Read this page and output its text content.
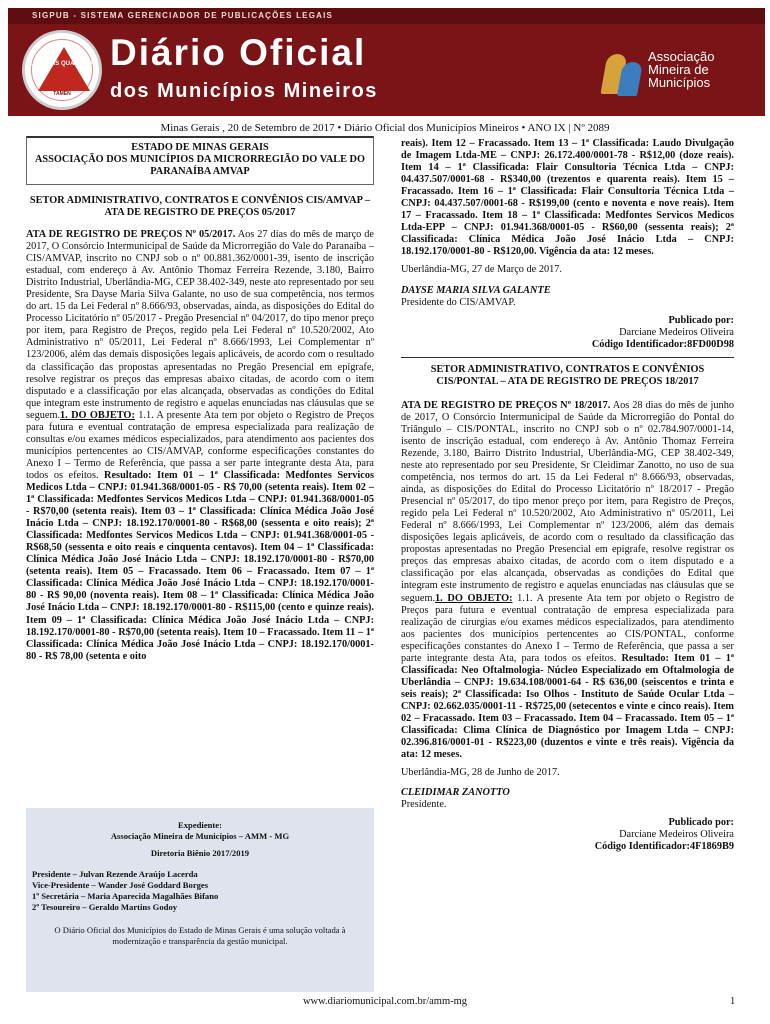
SIGPUB - SISTEMA GERENCIADOR DE PUBLICAÇÕES LEGAIS
LIBERTAS QUÆ SERA
TAMEN
Diário Oficial
dos Municípios Mineiros
Associação
Mineira de
Municípios
Minas Gerais , 20 de Setembro de 2017 • Diário Oficial dos Municípios Mineiros • ANO IX | Nº 2089
ESTADO DE MINAS GERAIS
ASSOCIAÇÃO DOS MUNICÍPIOS DA MICRORREGIÃO DO VALE DO PARANAÍBA AMVAP
SETOR ADMINISTRATIVO, CONTRATOS E CONVÊNIOS CIS/AMVAP – ATA DE REGISTRO DE PREÇOS 05/2017

ATA DE REGISTRO DE PREÇOS Nº 05/2017. Aos 27 dias do mês de março de 2017, O Consórcio Intermunicipal de Saúde da Microrregião do Vale do Paranaíba – CIS/AMVAP, inscrito no CNPJ sob o nº 00.881.362/0001-39, isento de inscrição estadual, com endereço à Av. Antônio Thomaz Ferreira Rezende, 3.180, Bairro Distrito Industrial, Uberlândia-MG, CEP 38.402-349, neste ato representado por seu Presidente, Sra Dayse Maria Silva Galante, no uso de sua competência, nos termos do art. 15 da Lei Federal nº 8.666/93, observadas, ainda, as disposições do Edital do Processo Licitatório nº 05/2017 - Pregão Presencial nº 04/2017, do tipo menor preço por item, para Registro de Preços, regido pela Lei Federal nº 10.520/2002, Ato Administrativo nº 05/2011, Lei Federal nº 8.666/1993, Lei Complementar nº 123/2006, além das demais disposições legais aplicáveis, de acordo com o resultado da classificação das propostas apresentadas no Pregão Presencial em epígrafe, resolve registrar os preços das empresas abaixo citadas, de acordo com o item disputado e a classificação por elas alcançada, observadas as condições do Edital que integram este instrumento de registro e aquelas enunciadas nas cláusulas que se seguem.1. DO OBJETO: 1.1. A presente Ata tem por objeto o Registro de Preços para futura e eventual contratação de empresa especializada para realização de consultas e/ou exames médicos especializados, para atendimento aos pacientes dos municípios pertencentes ao CIS/AMVAP, conforme especificações constantes do Anexo I – Termo de Referência, que passa a ser parte integrante desta Ata, para todos os efeitos. Resultado: Item 01 – 1ª Classificada: Medfontes Servicos Medicos Ltda – CNPJ: 01.941.368/0001-05 - R$ 70,00 (setenta reais). Item 02 – 1ª Classificada: Medfontes Servicos Medicos Ltda – CNPJ: 01.941.368/0001-05 - R$70,00 (setenta reais). Item 03 – 1ª Classificada: Clínica Médica João José Inácio Ltda – CNPJ: 18.192.170/0001-80 - R$68,00 (sessenta e oito reais); 2ª Classificada: Medfontes Servicos Medicos Ltda – CNPJ: 01.941.368/0001-05 - R$68,50 (sessenta e oito reais e cinquenta centavos). Item 04 – 1ª Classificada: Clínica Médica João José Inácio Ltda – CNPJ: 18.192.170/0001-80 - R$70,00 (setenta reais). Item 05 – Fracassado. Item 06 – Fracassado. Item 07 – 1ª Classificada: Clínica Médica João José Inácio Ltda – CNPJ: 18.192.170/0001-80 - R$ 90,00 (noventa reais). Item 08 – 1ª Classificada: Clínica Médica João José Inácio Ltda – CNPJ: 18.192.170/0001-80 - R$115,00 (cento e quinze reais). Item 09 – 1ª Classificada: Clínica Médica João José Inácio Ltda – CNPJ: 18.192.170/0001-80 - R$70,00 (setenta reais). Item 10 – Fracassado. Item 11 – 1ª Classificada: Clínica Médica João José Inácio Ltda – CNPJ: 18.192.170/0001-80 - R$ 78,00 (setenta e oito

Expediente:
Associação Mineira de Municípios – AMM - MG
Diretoria Biênio 2017/2019

Presidente – Julvan Rezende Araújo Lacerda

Vice-Presidente – Wander José Goddard Borges

1º Secretária – Maria Aparecida Magalhães Bifano

2º Tesoureiro – Geraldo Martins Godoy

O Diário Oficial dos Municípios do Estado de Minas Gerais é uma solução voltada à modernização e transparência da gestão municipal.

reais). Item 12 – Fracassado. Item 13 – 1ª Classificada: Laudo Divulgação de Imagem Ltda-ME – CNPJ: 26.172.400/0001-78 - R$12,00 (doze reais). Item 14 – 1ª Classificada: Flair Consultoria Técnica Ltda – CNPJ: 04.437.507/0001-68 - R$340,00 (trezentos e quarenta reais). Item 15 – Fracassado. Item 16 – 1ª Classificada: Flair Consultoria Técnica Ltda – CNPJ: 04.437.507/0001-68 - R$199,00 (cento e noventa e nove reais). Item 17 – Fracassado. Item 18 – 1ª Classificada: Medfontes Servicos Medicos Ltda-EPP – CNPJ: 01.941.368/0001-05 - R$60,00 (sessenta reais); 2ª Classificada: Clínica Médica João José Inácio Ltda – CNPJ: 18.192.170/0001-80 - R$120,00. Vigência da ata: 12 meses.

Uberlândia-MG, 27 de Março de 2017.

DAYSE MARIA SILVA GALANTE

Presidente do CIS/AMVAP.

Publicado por:
Darciane Medeiros Oliveira
Código Identificador:8FD00D98
SETOR ADMINISTRATIVO, CONTRATOS E CONVÊNIOS CIS/PONTAL – ATA DE REGISTRO DE PREÇOS 18/2017

ATA DE REGISTRO DE PREÇOS Nº 18/2017. Aos 28 dias do mês de junho de 2017, O Consórcio Intermunicipal de Saúde da Microrregião do Pontal do Triângulo – CIS/PONTAL, inscrito no CNPJ sob o nº 02.784.907/0001-14, isento de inscrição estadual, com endereço à Av. Antônio Thomaz Ferreira Rezende, 3.180, Bairro Distrito Industrial, Uberlândia-MG, CEP 38.402-349, neste ato representado por seu Presidente, Sr Cleidimar Zanotto, no uso de sua competência, nos termos do art. 15 da Lei Federal nº 8.666/93, observadas, ainda, as disposições do Edital do Processo Licitatório nº 18/2017 - Pregão Presencial nº 05/2017, do tipo menor preço por item, para Registro de Preços, regido pela Lei Federal nº 10.520/2002, Ato Administrativo nº 05/2011, Lei Federal nº 8.666/1993, Lei Complementar nº 123/2006, além das demais disposições legais aplicáveis, de acordo com o resultado da classificação das propostas apresentadas no Pregão Presencial em epígrafe, resolve registrar os preços das empresas abaixo citadas, de acordo com o item disputado e a classificação por elas alcançada, observadas as condições do Edital que integram este instrumento de registro e aquelas enunciadas nas cláusulas que se seguem.1. DO OBJETO: 1.1. A presente Ata tem por objeto o Registro de Preços para futura e eventual contratação de empresa especializada para realização de cirurgias e/ou exames médicos especializados, para atendimento aos pacientes dos municípios pertencentes ao CIS/PONTAL, conforme especificações constantes do Anexo I – Termo de Referência, que passa a ser parte integrante desta Ata, para todos os efeitos. Resultado: Item 01 – 1ª Classificada: Neo Oftalmologia- Núcleo Especializado em Oftalmologia de Uberlândia – CNPJ: 19.634.108/0001-64 - R$ 636,00 (seiscentos e trinta e seis reais); 2ª Classificada: Iso Olhos - Instituto de Saúde Ocular Ltda – CNPJ: 02.662.035/0001-11 - R$725,00 (setecentos e vinte e cinco reais). Item 02 – Fracassado. Item 03 – Fracassado. Item 04 – Fracassado. Item 05 – 1ª Classificada: Clima Clínica de Diagnóstico por Imagem Ltda – CNPJ: 02.396.816/0001-01 - R$223,00 (duzentos e vinte e três reais). Vigência da ata: 12 meses.

Uberlândia-MG, 28 de Junho de 2017.

CLEIDIMAR ZANOTTO

Presidente.

Publicado por:
Darciane Medeiros Oliveira
Código Identificador:4F1869B9
www.diariomunicipal.com.br/amm-mg	1
